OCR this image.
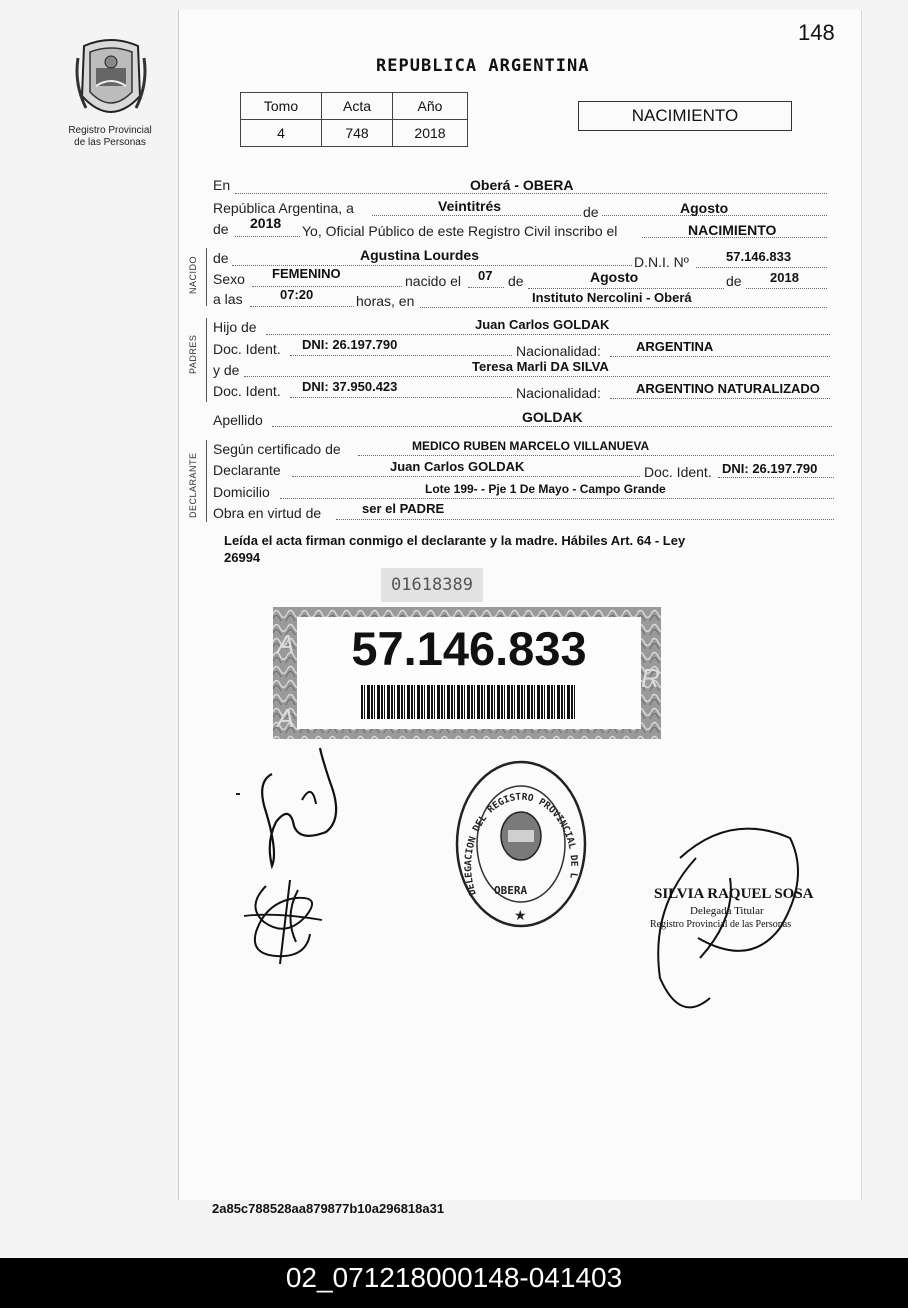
148
Registro Provincial
de las Personas
REPUBLICA ARGENTINA
Tomo	Acta	Año
4	748	2018
NACIMIENTO
En	Oberá - OBERA
República Argentina, a	Veintitrés	de	Agosto
de 2018 Yo, Oficial Público de este Registro Civil inscribo el	NACIMIENTO
NACIDO de	Agustina Lourdes	D.N.I. Nº	57.146.833
Sexo FEMENINO	nacido el 07 de	Agosto	de 2018
a las	07:20	horas, en	Instituto Nercolini - Oberá
PADRES
Hijo de	Juan Carlos GOLDAK
Doc. Ident. DNI: 26.197.790	Nacionalidad:	ARGENTINA
y de	Teresa Marli DA SILVA
Doc. Ident. DNI: 37.950.423	Nacionalidad:	ARGENTINO NATURALIZADO
Apellido	GOLDAK
DECLARANTE
Según certificado de	MEDICO RUBEN MARCELO VILLANUEVA
Declarante	Juan Carlos GOLDAK	Doc. Ident. DNI: 26.197.790
Domicilio	Lote 199- - Pje 1 De Mayo - Campo Grande
Obra en virtud de	ser el PADRE
Leída el acta firman conmigo el declarante y la madre. Hábiles Art. 64 - Ley
26994
01618389
A
A
R
57.146.833
DELEGACION DEL REGISTRO PROVINCIAL DE L
OBERA
★
SILVIA RAQUEL SOSA
Delegada Titular
Registro Provincial de las Personas
2a85c788528aa879877b10a296818a31
02_071218000148-041403
